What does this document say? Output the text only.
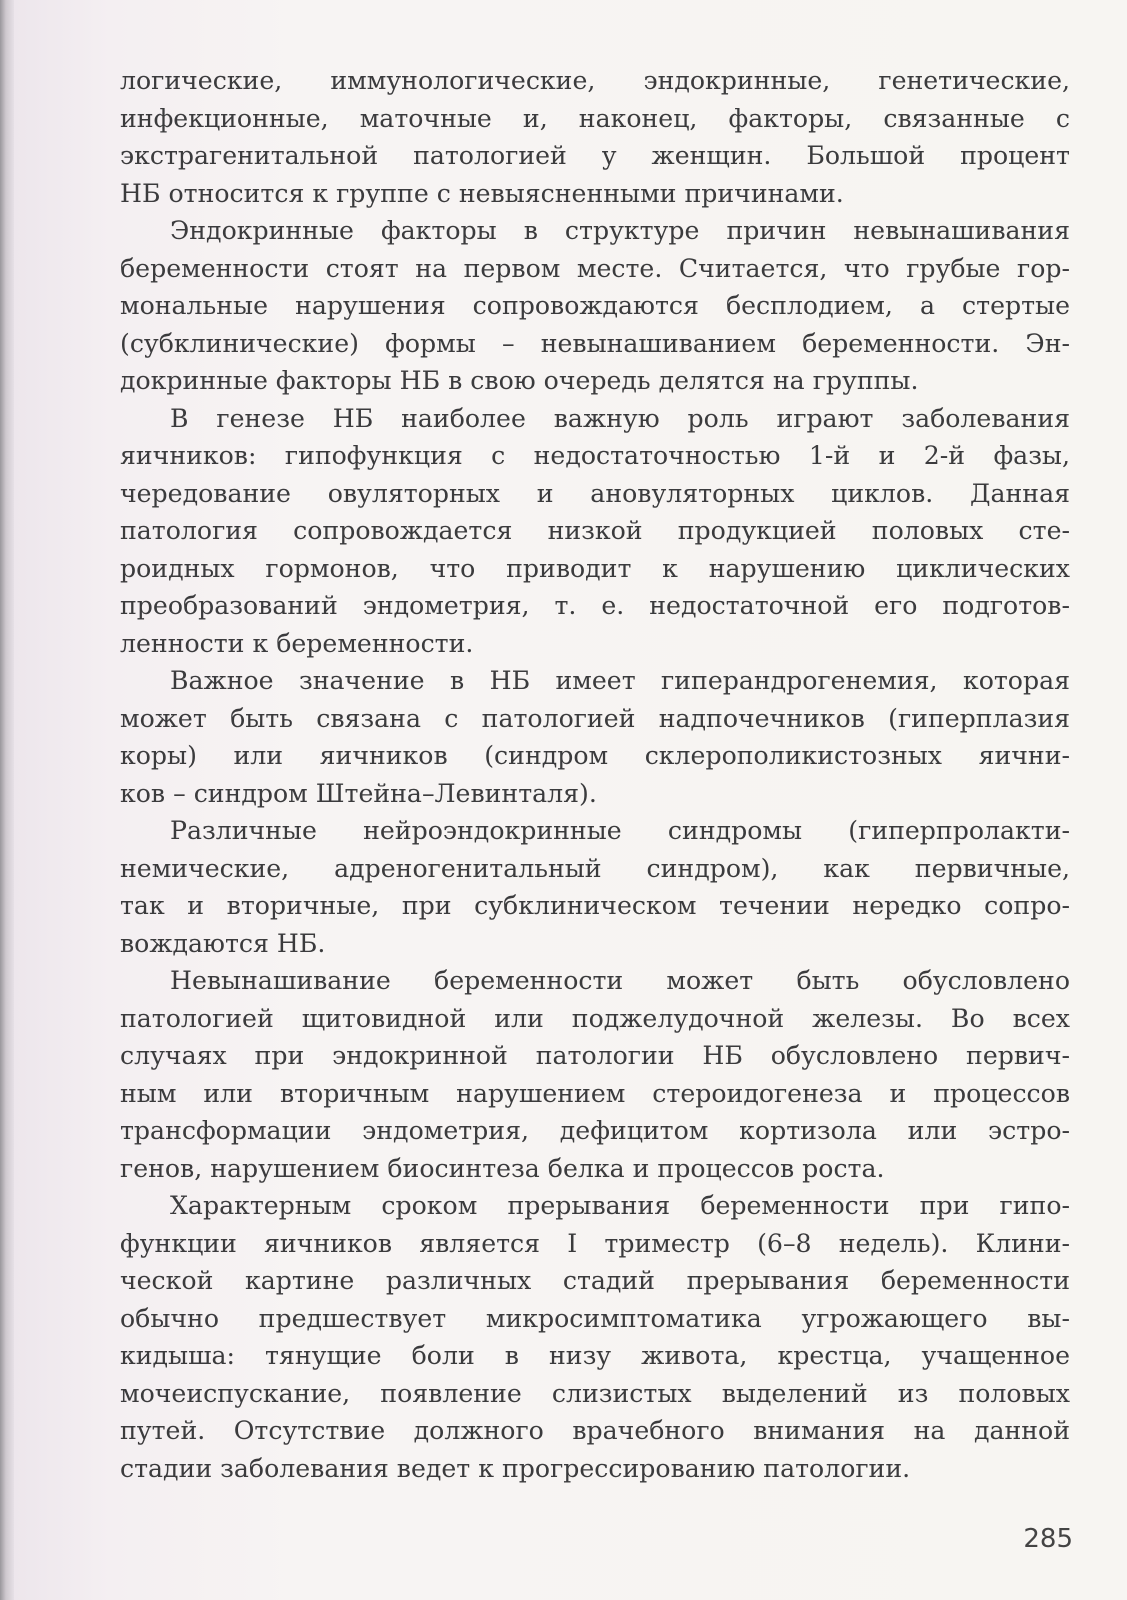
логические, иммунологические, эндокринные, генетические,
инфекционные, маточные и, наконец, факторы, связанные с
экстрагенитальной патологией у женщин. Большой процент
НБ относится к группе с невыясненными причинами.

Эндокринные факторы в структуре причин невынашивания
беременности стоят на первом месте. Считается, что грубые гор-
мональные нарушения сопровождаются бесплодием, а стертые
(субклинические) формы – невынашиванием беременности. Эн-
докринные факторы НБ в свою очередь делятся на группы.

В генезе НБ наиболее важную роль играют заболевания
яичников: гипофункция с недостаточностью 1-й и 2-й фазы,
чередование овуляторных и ановуляторных циклов. Данная
патология сопровождается низкой продукцией половых сте-
роидных гормонов, что приводит к нарушению циклических
преобразований эндометрия, т. е. недостаточной его подготов-
ленности к беременности.

Важное значение в НБ имеет гиперандрогенемия, которая
может быть связана с патологией надпочечников (гиперплазия
коры) или яичников (синдром склерополикистозных яични-
ков – синдром Штейна–Левинталя).

Различные нейроэндокринные синдромы (гиперпролакти-
немические, адреногенитальный синдром), как первичные,
так и вторичные, при субклиническом течении нередко сопро-
вождаются НБ.

Невынашивание беременности может быть обусловлено
патологией щитовидной или поджелудочной железы. Во всех
случаях при эндокринной патологии НБ обусловлено первич-
ным или вторичным нарушением стероидогенеза и процессов
трансформации эндометрия, дефицитом кортизола или эстро-
генов, нарушением биосинтеза белка и процессов роста.

Характерным сроком прерывания беременности при гипо-
функции яичников является I триместр (6–8 недель). Клини-
ческой картине различных стадий прерывания беременности
обычно предшествует микросимптоматика угрожающего вы-
кидыша: тянущие боли в низу живота, крестца, учащенное
мочеиспускание, появление слизистых выделений из половых
путей. Отсутствие должного врачебного внимания на данной
стадии заболевания ведет к прогрессированию патологии.

285
